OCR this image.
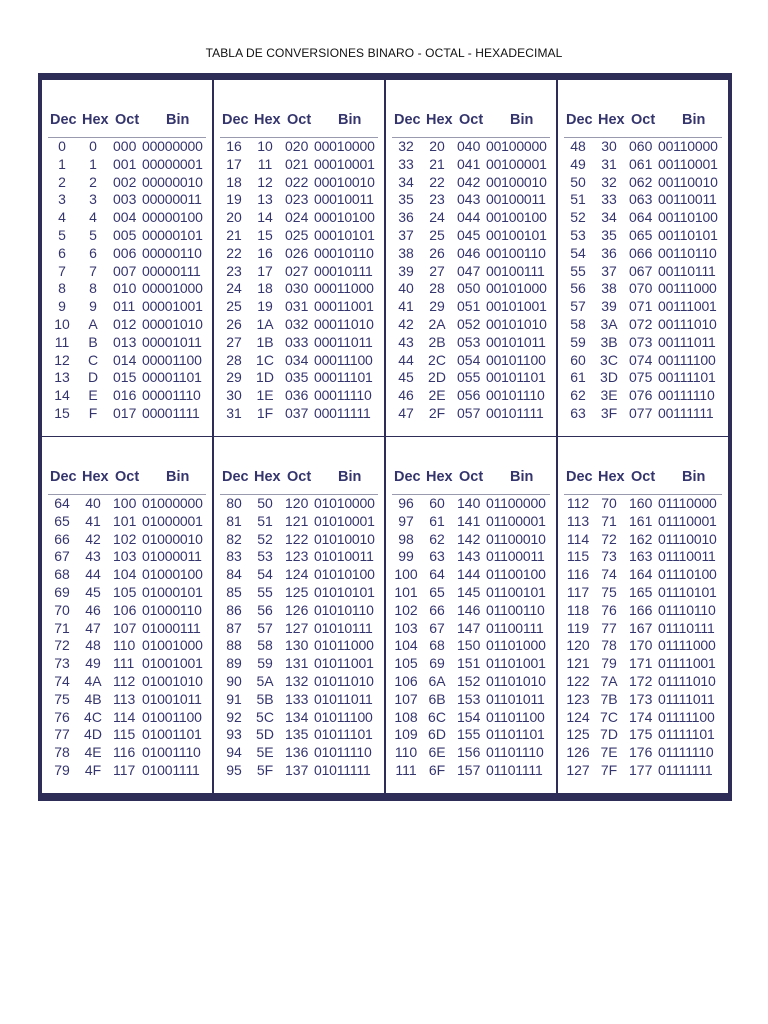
TABLA DE CONVERSIONES BINARO - OCTAL - HEXADECIMAL
Dec Hex Oct Bin
0	0	000 00000000
1	1	001 00000001
2	2	002 00000010
3	3	003 00000011
4	4	004 00000100
5	5	005 00000101
6	6	006 00000110
7	7	007 00000111
8	8	010 00001000
9	9	011 00001001
10	A	012 00001010
11	B	013 00001011
12	C	014 00001100
13	D	015 00001101
14	E	016 00001110
15	F	017 00001111
Dec Hex Oct Bin
16	10 020 00010000
17	11 021 00010001
18	12 022 00010010
19	13 023 00010011
20	14 024 00010100
21	15 025 00010101
22	16 026 00010110
23	17 027 00010111
24	18 030 00011000
25	19 031 00011001
26	1A 032 00011010
27	1B 033 00011011
28	1C 034 00011100
29	1D 035 00011101
30	1E 036 00011110
31	1F 037 00011111
Dec Hex Oct Bin
32	20 040 00100000
33	21 041 00100001
34	22 042 00100010
35	23 043 00100011
36	24 044 00100100
37	25 045 00100101
38	26 046 00100110
39	27 047 00100111
40	28 050 00101000
41	29 051 00101001
42	2A 052 00101010
43	2B 053 00101011
44	2C 054 00101100
45	2D 055 00101101
46	2E 056 00101110
47	2F 057 00101111
Dec Hex Oct Bin
48	30 060 00110000
49	31 061 00110001
50	32 062 00110010
51	33 063 00110011
52	34 064 00110100
53	35 065 00110101
54	36 066 00110110
55	37 067 00110111
56	38 070 00111000
57	39 071 00111001
58	3A 072 00111010
59	3B 073 00111011
60	3C 074 00111100
61	3D 075 00111101
62	3E 076 00111110
63	3F 077 00111111
Dec Hex Oct Bin
64	40 100 01000000
65	41 101 01000001
66	42 102 01000010
67	43 103 01000011
68	44 104 01000100
69	45 105 01000101
70	46 106 01000110
71	47 107 01000111
72	48 110 01001000
73	49 111 01001001
74	4A 112 01001010
75	4B 113 01001011
76	4C 114 01001100
77	4D 115 01001101
78	4E 116 01001110
79	4F 117 01001111
Dec Hex Oct Bin
80	50 120 01010000
81	51 121 01010001
82	52 122 01010010
83	53 123 01010011
84	54 124 01010100
85	55 125 01010101
86	56 126 01010110
87	57 127 01010111
88	58 130 01011000
89	59 131 01011001
90	5A 132 01011010
91	5B 133 01011011
92	5C 134 01011100
93	5D 135 01011101
94	5E 136 01011110
95	5F 137 01011111
Dec Hex Oct Bin
96	60 140 01100000
97	61 141 01100001
98	62 142 01100010
99	63 143 01100011
100 64 144 01100100
101 65 145 01100101
102 66 146 01100110
103 67 147 01100111
104 68 150 01101000
105 69 151 01101001
106 6A 152 01101010
107 6B 153 01101011
108 6C 154 01101100
109 6D 155 01101101
110 6E 156 01101110
111 6F 157 01101111
Dec Hex Oct Bin
112 70 160 01110000
113 71 161 01110001
114 72 162 01110010
115 73 163 01110011
116 74 164 01110100
117 75 165 01110101
118 76 166 01110110
119 77 167 01110111
120 78 170 01111000
121 79 171 01111001
122 7A 172 01111010
123 7B 173 01111011
124 7C 174 01111100
125 7D 175 01111101
126 7E 176 01111110
127 7F 177 01111111
